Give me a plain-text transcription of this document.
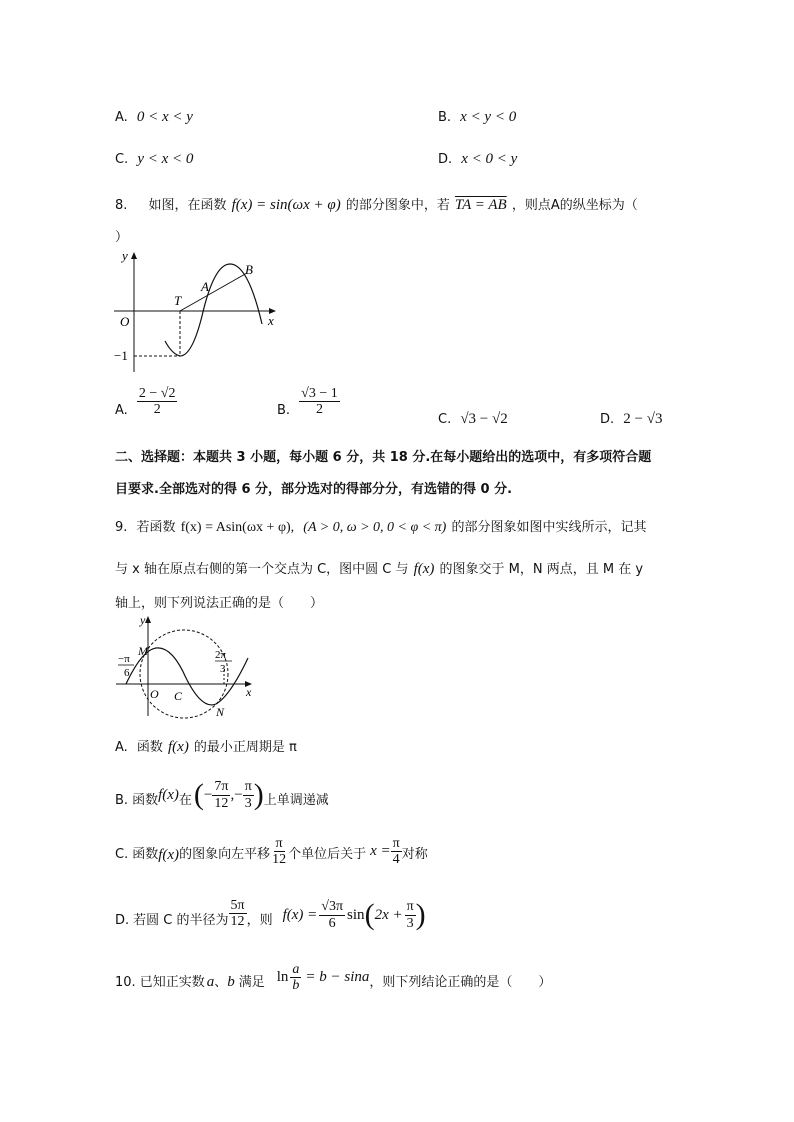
A. 0 < x < y	B. x < y < 0
C. y < x < 0	D. x < 0 < y
8. 如图，在函数 f(x) = sin(ωx + φ) 的部分图象中，若 TA = AB ，则点A的纵坐标为（
）
y
x
O
T
A
B
−1
A. $\frac{2 - √2}{2}$	B. $\frac{√3 - 1}{2}$
C. √3 − √2	D. 2 − √3
二、选择题：本题共 3 小题，每小题 6 分，共 18 分.在每小题给出的选项中，有多项符合题
目要求.全部选对的得 6 分，部分选对的得部分分，有选错的得 0 分.
9. 若函数 f(x) = Asin(ωx + φ), (A > 0, ω > 0, 0 < φ < π) 的部分图象如图中实线所示，记其
与 x 轴在原点右侧的第一个交点为 C，图中圆 C 与 f(x) 的图象交于 M，N 两点，且 M 在 y
轴上，则下列说法正确的是（　　）
y
x
O
M
N
C
−π
6
2π
3
A. 函数 f(x) 的最小正周期是 π
B. 函数 f(x) 在 ( − $\frac{7\pi}{12}$ ,− $\frac{\pi}{3}$ ) 上单调递减
C. 函数 f(x) 的图象向左平移 $\frac{\pi}{12}$ 个单位后关于 $x = \frac{\pi}{4}$ 对称
D. 若圆 C 的半径为 $\frac{5\pi}{12}$ ，则 $f(x) = \frac{√3\pi}{6}$ sin ( $2x + \frac{\pi}{3}$ )
10. 已知正实数 a 、 b 满足 $\ln \frac{a}{b} = b - \sin a$ ，则下列结论正确的是（　　）
